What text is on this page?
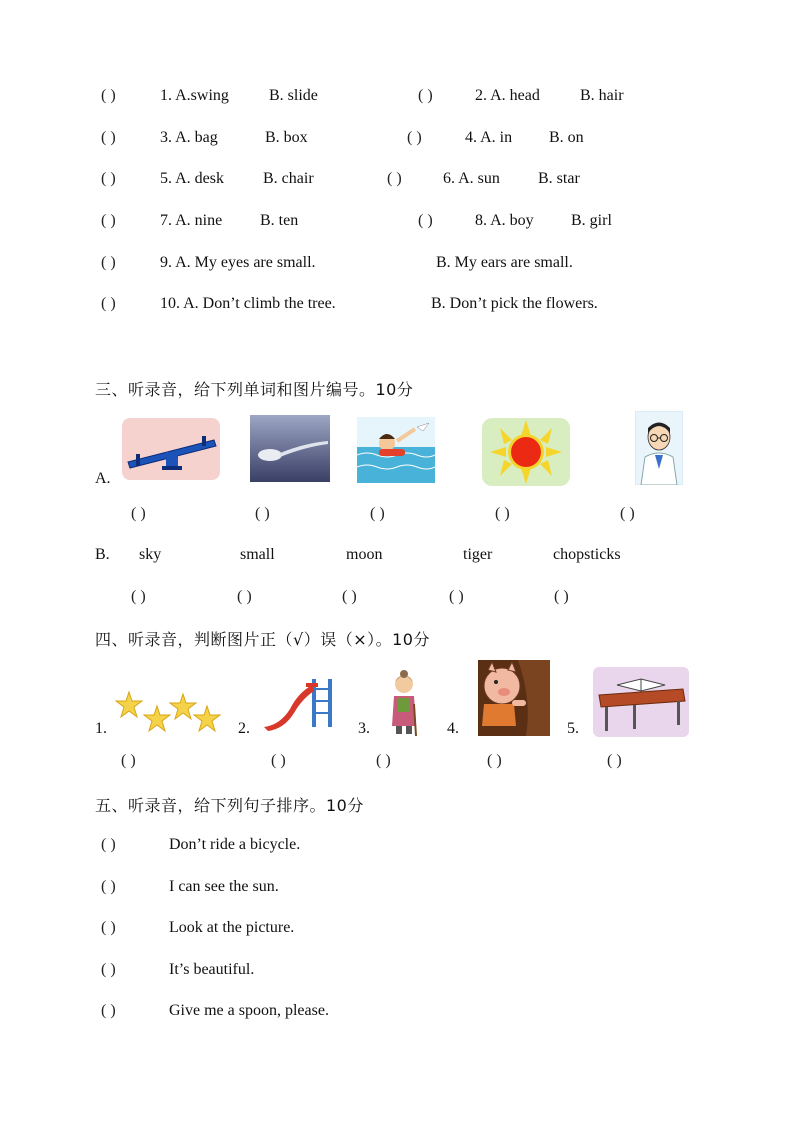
( )	1. A.swing	B. slide	( )	2. A. head	B. hair
( )	3. A. bag	B. box	( )	4. A. in B. on
( )	5. A. desk B. chair	( )	6. A. sun B. star
( )	7. A. nine B. ten	( )	8. A. boy B. girl
( )	9. A. My eyes are small.	B. My ears are small.
( )	10. A. Don’t climb the tree.	B. Don’t pick the flowers.
三、听录音，给下列单词和图片编号。10分
A.
( )	( )	( )	( )	( )
B. sky	small	moon	tiger	chopsticks
( )	( )	( )	( )	( )
四、听录音，判断图片正（√）误（×）。10分
1.	2.	3.	4.	5.
( )	( )	( )	( )	( )
五、听录音，给下列句子排序。10分
( )	Don’t ride a bicycle.
( )	I can see the sun.
( )	Look at the picture.
( )	It’s beautiful.
( )	Give me a spoon, please.
